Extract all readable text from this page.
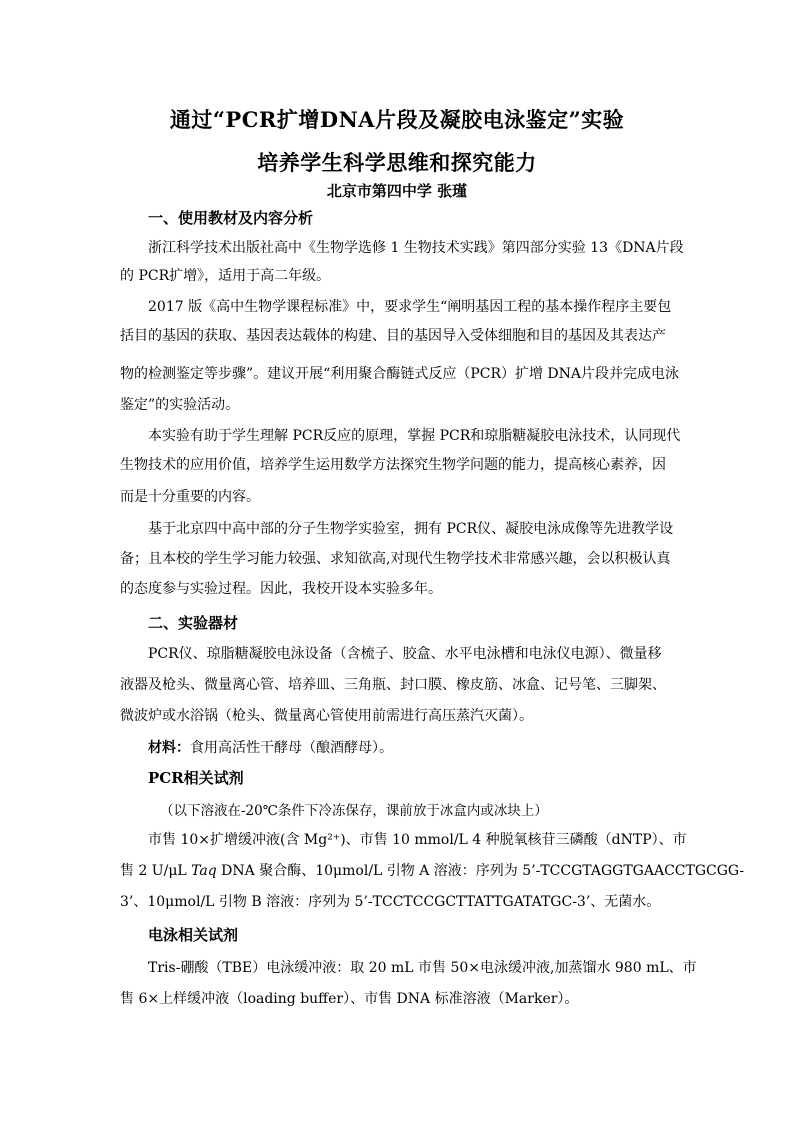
通过“PCR扩增DNA片段及凝胶电泳鉴定”实验
培养学生科学思维和探究能力
北京市第四中学 张瑾
一、使用教材及内容分析
浙江科学技术出版社高中《生物学选修 1 生物技术实践》第四部分实验 13《DNA片段
的 PCR扩增》，适用于高二年级。
2017 版《高中生物学课程标准》中，要求学生“阐明基因工程的基本操作程序主要包
括目的基因的获取、基因表达载体的构建、目的基因导入受体细胞和目的基因及其表达产
物的检测鉴定等步骤”。建议开展“利用聚合酶链式反应（PCR）扩增 DNA片段并完成电泳
鉴定”的实验活动。
本实验有助于学生理解 PCR反应的原理，掌握 PCR和琼脂糖凝胶电泳技术，认同现代
生物技术的应用价值，培养学生运用数学方法探究生物学问题的能力，提高核心素养，因
而是十分重要的内容。
基于北京四中高中部的分子生物学实验室，拥有 PCR仪、凝胶电泳成像等先进教学设
备；且本校的学生学习能力较强、求知欲高,对现代生物学技术非常感兴趣，会以积极认真
的态度参与实验过程。因此，我校开设本实验多年。
二、实验器材
PCR仪、琼脂糖凝胶电泳设备（含梳子、胶盒、水平电泳槽和电泳仪电源）、微量移
液器及枪头、微量离心管、培养皿、三角瓶、封口膜、橡皮筋、冰盒、记号笔、三脚架、
微波炉或水浴锅（枪头、微量离心管使用前需进行高压蒸汽灭菌）。
材料：食用高活性干酵母（酿酒酵母）。
PCR相关试剂
（以下溶液在-20℃条件下冷冻保存，课前放于冰盒内或冰块上）
市售 10×扩增缓冲液(含 Mg²⁺)、市售 10 mmol/L 4 种脱氧核苷三磷酸（dNTP）、市
售 2 U/μL Taq DNA 聚合酶、10μmol/L 引物 A 溶液：序列为 5’-TCCGTAGGTGAACCTGCGG-
3’、10μmol/L 引物 B 溶液：序列为 5’-TCCTCCGCTTATTGATATGC-3’、无菌水。
电泳相关试剂
Tris-硼酸（TBE）电泳缓冲液：取 20 mL 市售 50×电泳缓冲液,加蒸馏水 980 mL、市
售 6×上样缓冲液（loading buffer）、市售 DNA 标准溶液（Marker）。
